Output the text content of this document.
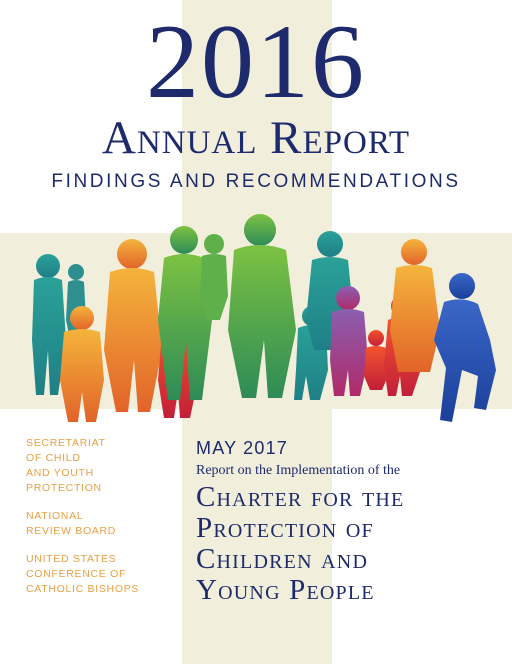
2016
Annual Report
FINDINGS AND RECOMMENDATIONS
SECRETARIAT
OF CHILD
AND YOUTH
PROTECTION
NATIONAL
REVIEW BOARD
UNITED STATES
CONFERENCE OF
CATHOLIC BISHOPS
MAY 2017
Report on the Implementation of the
Charter for the
Protection of
Children and
Young People
